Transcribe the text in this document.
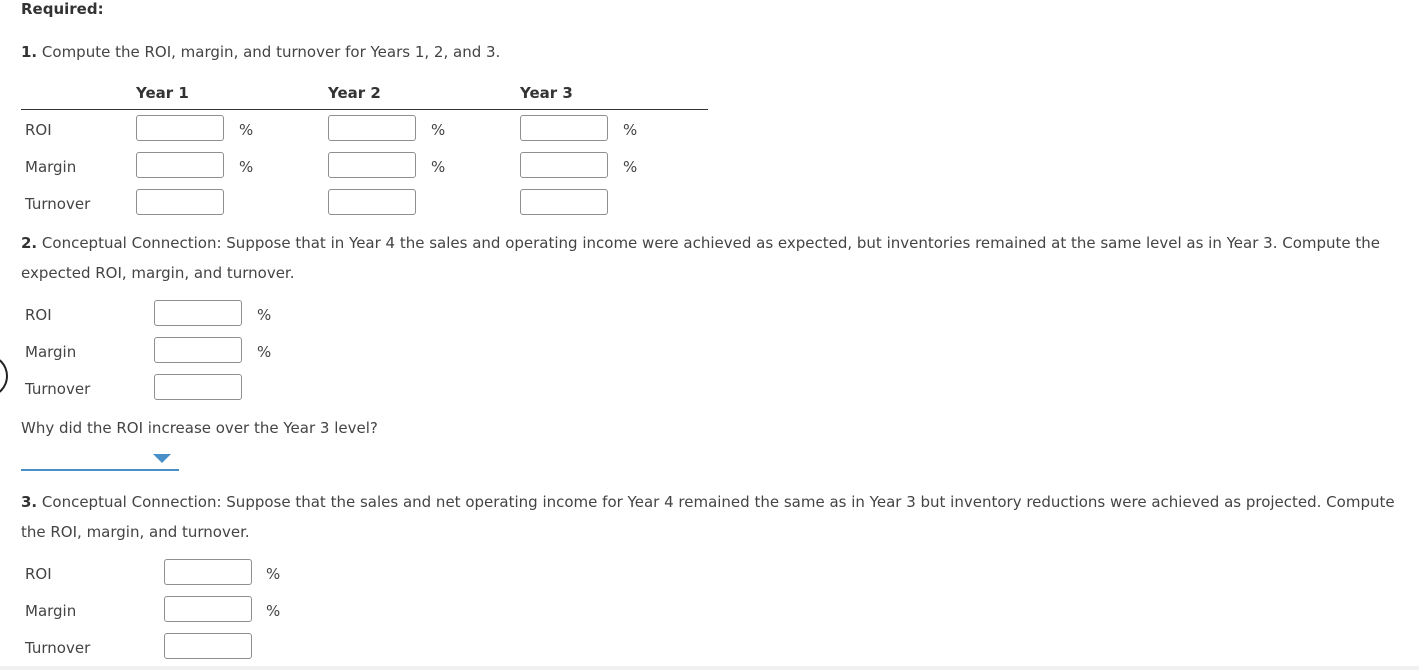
Required:
1. Compute the ROI, margin, and turnover for Years 1, 2, and 3.
Year 1	Year 2	Year 3
ROI	%	%	%
Margin	%	%	%
Turnover
2. Conceptual Connection: Suppose that in Year 4 the sales and operating income were achieved as expected, but inventories remained at the same level as in Year 3. Compute the
expected ROI, margin, and turnover.
ROI	%
Margin	%
Turnover
Why did the ROI increase over the Year 3 level?
3. Conceptual Connection: Suppose that the sales and net operating income for Year 4 remained the same as in Year 3 but inventory reductions were achieved as projected. Compute
the ROI, margin, and turnover.
ROI	%
Margin	%
Turnover
